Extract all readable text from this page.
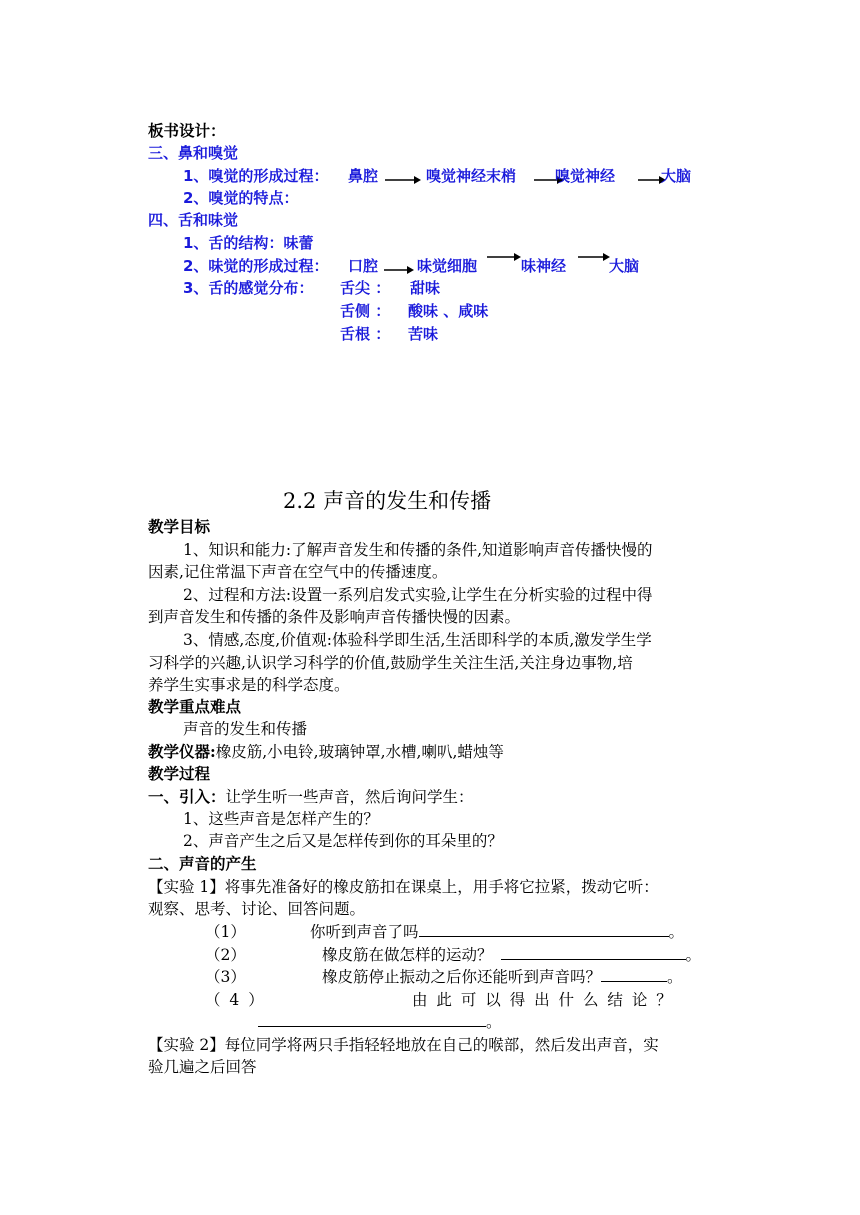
板书设计：
三、鼻和嗅觉
1、嗅觉的形成过程： 鼻腔	嗅觉神经末梢	嗅觉神经	大脑
2、嗅觉的特点：
四、舌和味觉
1、舌的结构：味蕾
2、味觉的形成过程： 口腔	味觉细胞	味神经	大脑
3、舌的感觉分布： 舌尖 ： 甜味
舌侧 ： 酸味 、咸味
舌根 ： 苦味
2.2 声音的发生和传播
教学目标
1、知识和能力:了解声音发生和传播的条件,知道影响声音传播快慢的
因素,记住常温下声音在空气中的传播速度。
2、过程和方法:设置一系列启发式实验,让学生在分析实验的过程中得
到声音发生和传播的条件及影响声音传播快慢的因素。
3、情感,态度,价值观:体验科学即生活,生活即科学的本质,激发学生学
习科学的兴趣,认识学习科学的价值,鼓励学生关注生活,关注身边事物,培
养学生实事求是的科学态度。
教学重点难点
声音的发生和传播
教学仪器:橡皮筋,小电铃,玻璃钟罩,水槽,喇叭,蜡烛等
教学过程
一、引入：让学生听一些声音，然后询问学生：
1、这些声音是怎样产生的？
2、声音产生之后又是怎样传到你的耳朵里的？
二、声音的产生
【实验 1】将事先准备好的橡皮筋扣在课桌上，用手将它拉紧，拨动它听：
观察、思考、讨论、回答问题。
（1）	你听到声音了吗	。
（2）	橡皮筋在做怎样的运动？	。
（3）	橡皮筋停止振动之后你还能听到声音吗？	。
（ 4 ）	由 此 可 以 得 出 什 么 结 论 ？
。
【实验 2】每位同学将两只手指轻轻地放在自己的喉部，然后发出声音，实
验几遍之后回答
